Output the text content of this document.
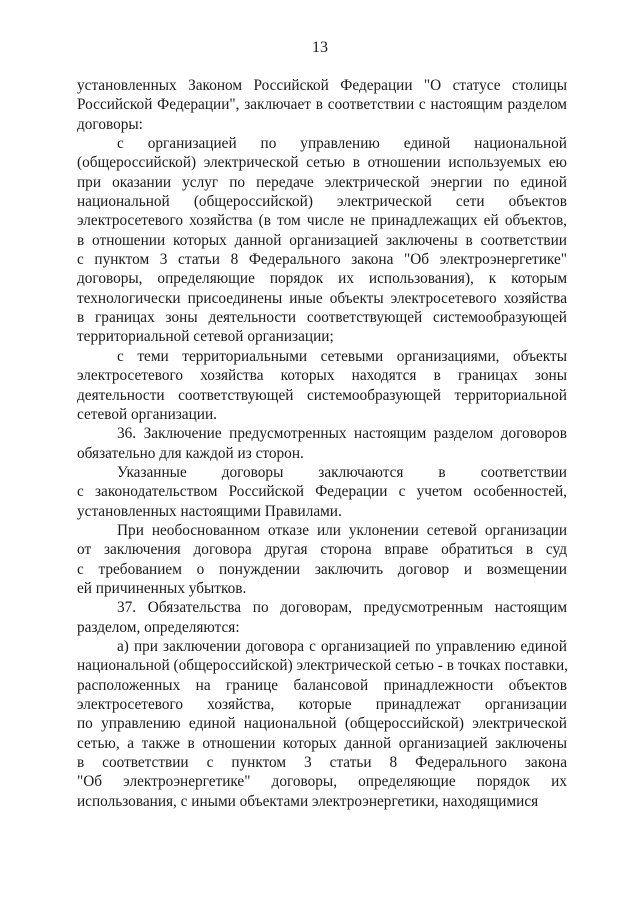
13
установленных Законом Российской Федерации "О статусе столицы
Российской Федерации", заключает в соответствии с настоящим разделом
договоры:
с организацией по управлению единой национальной
(общероссийской) электрической сетью в отношении используемых ею
при оказании услуг по передаче электрической энергии по единой
национальной (общероссийской) электрической сети объектов
электросетевого хозяйства (в том числе не принадлежащих ей объектов,
в отношении которых данной организацией заключены в соответствии
с пунктом 3 статьи 8 Федерального закона "Об электроэнергетике"
договоры, определяющие порядок их использования), к которым
технологически присоединены иные объекты электросетевого хозяйства
в границах зоны деятельности соответствующей системообразующей
территориальной сетевой организации;
с теми территориальными сетевыми организациями, объекты
электросетевого хозяйства которых находятся в границах зоны
деятельности соответствующей системообразующей территориальной
сетевой организации.
36. Заключение предусмотренных настоящим разделом договоров
обязательно для каждой из сторон.
Указанные договоры заключаются в соответствии
с законодательством Российской Федерации с учетом особенностей,
установленных настоящими Правилами.
При необоснованном отказе или уклонении сетевой организации
от заключения договора другая сторона вправе обратиться в суд
с требованием о понуждении заключить договор и возмещении
ей причиненных убытков.
37. Обязательства по договорам, предусмотренным настоящим
разделом, определяются:
а) при заключении договора с организацией по управлению единой
национальной (общероссийской) электрической сетью - в точках поставки,
расположенных на границе балансовой принадлежности объектов
электросетевого хозяйства, которые принадлежат организации
по управлению единой национальной (общероссийской) электрической
сетью, а также в отношении которых данной организацией заключены
в соответствии с пунктом 3 статьи 8 Федерального закона
"Об электроэнергетике" договоры, определяющие порядок их
использования, с иными объектами электроэнергетики, находящимися
